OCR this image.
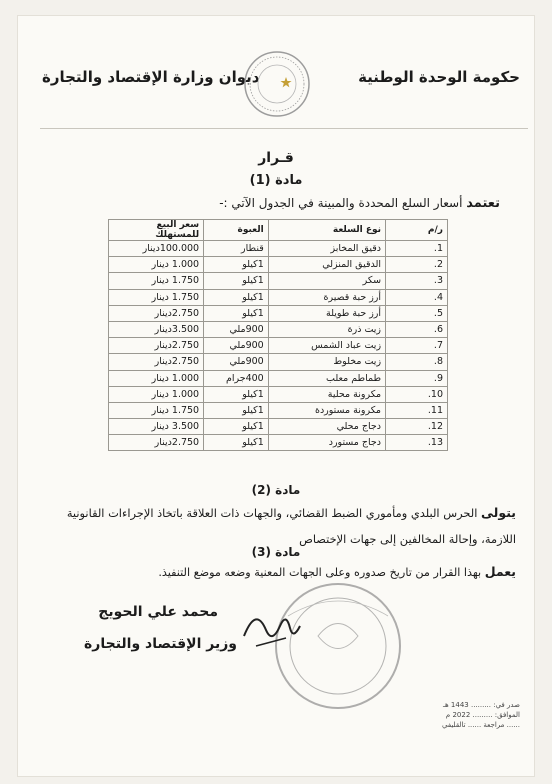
حكومة الوحدة الوطنية
ديوان وزارة الإقتصاد والتجارة
قـرار
مادة (1)
تعتمد أسعار السلع المحددة والمبينة في الجدول الآتي :-
ر/م	نوع السلعة	العبوة	سعر البيع للمستهلك
1.	دقيق المخابز	قنطار	100.000دينار
2.	الدقيق المنزلي	1كيلو	1.000 دينار
3.	سكر	1كيلو	1.750 دينار
4.	أرز حبة قصيرة	1كيلو	1.750 دينار
5.	أرز حبة طويلة	1كيلو	2.750دينار
6.	زيت ذرة	900ملي	3.500دينار
7.	زيت عباد الشمس	900ملي	2.750دينار
8.	زيت مخلوط	900ملي	2.750دينار
9.	طماطم معلب	400جرام	1.000 دينار
10.	مكرونة محلية	1كيلو	1.000 دينار
11.	مكرونة مستوردة	1كيلو	1.750 دينار
12.	دجاج محلي	1كيلو	3.500 دينار
13.	دجاج مستورد	1كيلو	2.750دينار
مادة (2)
يتولى الحرس البلدي ومأموري الضبط القضائي، والجهات ذات العلاقة باتخاذ الإجراءات القانونية اللازمة، وإحالة المخالفين إلى جهات الإختصاص
مادة (3)
يعمل بهذا القرار من تاريخ صدوره وعلى الجهات المعنية وضعه موضع التنفيذ.
محمد علي الحويج
وزير الإقتصاد والتجارة
صدر في: ......... 1443 هـ
الموافق: ......... 2022 م
...... مراجعة ...... تالقليفي
